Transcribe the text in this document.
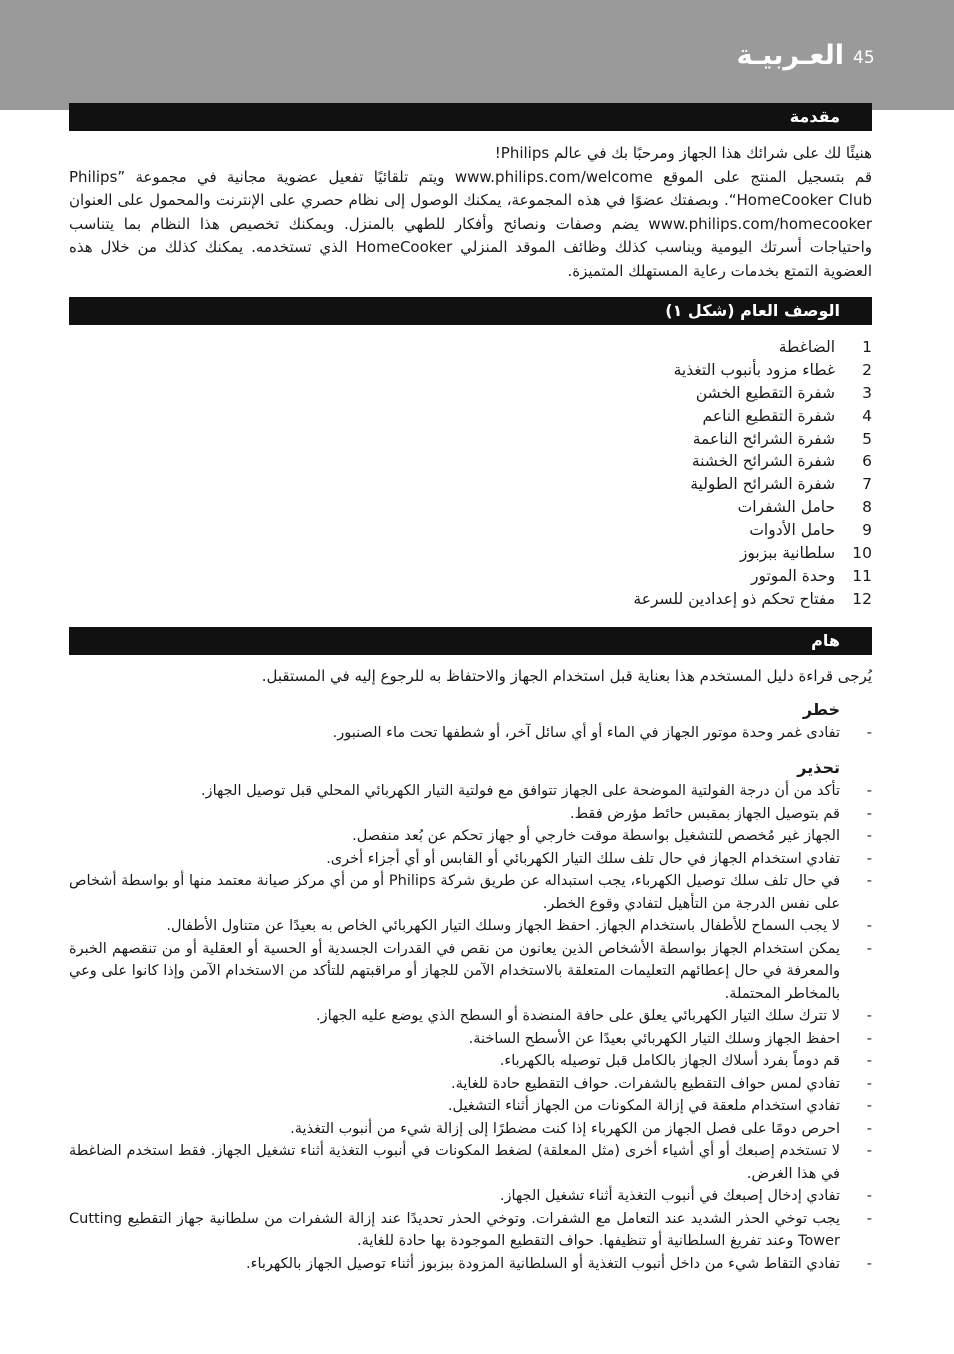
45
العـربيـة
مقدمة

هنيئًا لك على شرائك هذا الجهاز ومرحبًا بك في عالم Philips!

قم بتسجيل المنتج على الموقع www.philips.com/welcome ويتم تلقائيًا تفعيل عضوية مجانية في مجموعة ”Philips HomeCooker Club“. وبصفتك عضوًا في هذه المجموعة، يمكنك الوصول إلى نظام حصري على الإنترنت والمحمول على العنوان www.philips.com/homecooker يضم وصفات ونصائح وأفكار للطهي بالمنزل. ويمكنك تخصيص هذا النظام بما يتناسب واحتياجات أسرتك اليومية ويناسب كذلك وظائف الموقد المنزلي HomeCooker الذي تستخدمه. يمكنك كذلك من خلال هذه العضوية التمتع بخدمات رعاية المستهلك المتميزة.

الوصف العام (شكل ١)
1 الضاغطة
2 غطاء مزود بأنبوب التغذية
3 شفرة التقطيع الخشن
4 شفرة التقطيع الناعم
5 شفرة الشرائح الناعمة
6 شفرة الشرائح الخشنة
7 شفرة الشرائح الطولية
8 حامل الشفرات
9 حامل الأدوات
10 سلطانية ببزبوز
11 وحدة الموتور
12 مفتاح تحكم ذو إعدادين للسرعة
هام
يُرجى قراءة دليل المستخدم هذا بعناية قبل استخدام الجهاز والاحتفاظ به للرجوع إليه في المستقبل.
خطر
-
تفادى غمر وحدة موتور الجهاز في الماء أو أي سائل آخر، أو شطفها تحت ماء الصنبور.
تحذير
-
تأكد من أن درجة الفولتية الموضحة على الجهاز تتوافق مع فولتية التيار الكهربائي المحلي قبل توصيل الجهاز.
-
قم بتوصيل الجهاز بمقبس حائط مؤرض فقط.
-
الجهاز غير مُخصص للتشغيل بواسطة موقت خارجي أو جهاز تحكم عن بُعد منفصل.
-
تفادي استخدام الجهاز في حال تلف سلك التيار الكهربائي أو القابس أو أي أجزاء أخرى.
-
في حال تلف سلك توصيل الكهرباء، يجب استبداله عن طريق شركة Philips أو من أي مركز صيانة معتمد منها أو بواسطة أشخاص على نفس الدرجة من التأهيل لتفادي وقوع الخطر.
-
لا يجب السماح للأطفال باستخدام الجهاز. احفظ الجهاز وسلك التيار الكهربائي الخاص به بعيدًا عن متناول الأطفال.
-
يمكن استخدام الجهاز بواسطة الأشخاص الذين يعانون من نقص في القدرات الجسدية أو الحسية أو العقلية أو من تنقصهم الخبرة والمعرفة في حال إعطائهم التعليمات المتعلقة بالاستخدام الآمن للجهاز أو مراقبتهم للتأكد من الاستخدام الآمن وإذا كانوا على وعي بالمخاطر المحتملة.
-
لا تترك سلك التيار الكهربائي يعلق على حافة المنضدة أو السطح الذي يوضع عليه الجهاز.
-
احفظ الجهاز وسلك التيار الكهربائي بعيدًا عن الأسطح الساخنة.
-
قم دوماً بفرد أسلاك الجهاز بالكامل قبل توصيله بالكهرباء.
-
تفادي لمس حواف التقطيع بالشفرات. حواف التقطيع حادة للغاية.
-
تفادي استخدام ملعقة في إزالة المكونات من الجهاز أثناء التشغيل.
-
احرص دومًا على فصل الجهاز من الكهرباء إذا كنت مضطرًا إلى إزالة شيء من أنبوب التغذية.
-
لا تستخدم إصبعك أو أي أشياء أخرى (مثل المعلقة) لضغط المكونات في أنبوب التغذية أثناء تشغيل الجهاز. فقط استخدم الضاغطة في هذا الغرض.
-
تفادي إدخال إصبعك في أنبوب التغذية أثناء تشغيل الجهاز.
-
يجب توخي الحذر الشديد عند التعامل مع الشفرات. وتوخي الحذر تحديدًا عند إزالة الشفرات من سلطانية جهاز التقطيع Cutting Tower وعند تفريغ السلطانية أو تنظيفها. حواف التقطيع الموجودة بها حادة للغاية.
-
تفادي التقاط شيء من داخل أنبوب التغذية أو السلطانية المزودة ببزبوز أثناء توصيل الجهاز بالكهرباء.
